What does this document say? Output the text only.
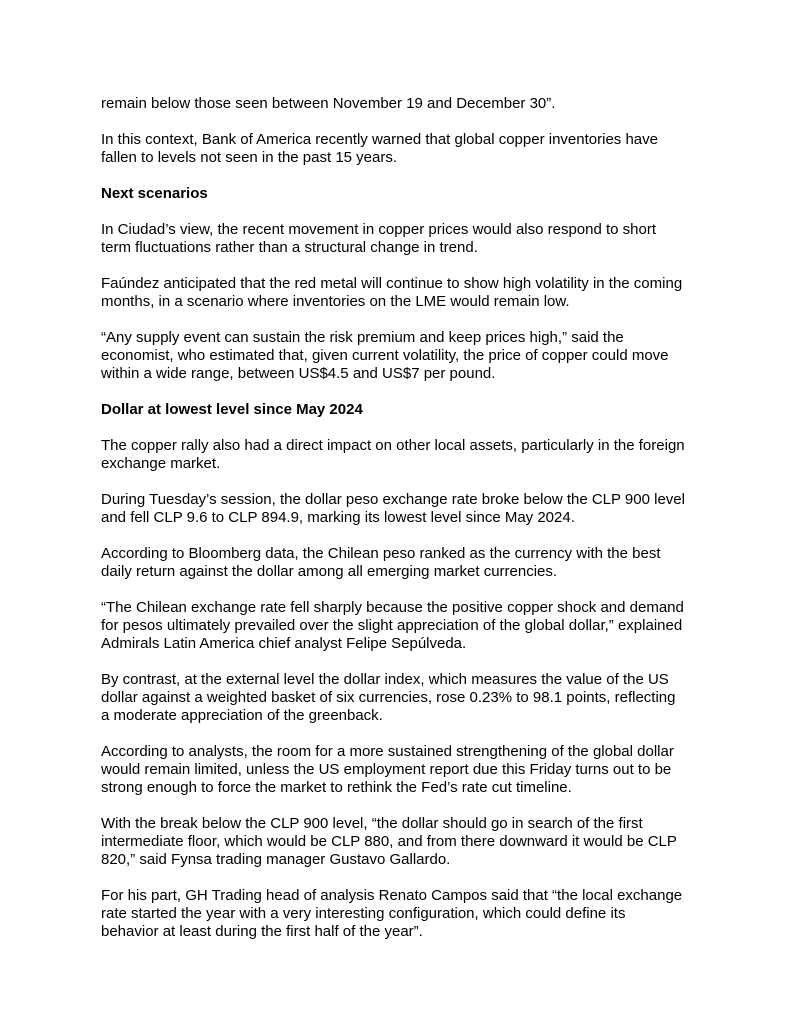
remain below those seen between November 19 and December 30”.

In this context, Bank of America recently warned that global copper inventories have
fallen to levels not seen in the past 15 years.

Next scenarios

In Ciudad’s view, the recent movement in copper prices would also respond to short
term fluctuations rather than a structural change in trend.

Faúndez anticipated that the red metal will continue to show high volatility in the coming
months, in a scenario where inventories on the LME would remain low.

“Any supply event can sustain the risk premium and keep prices high,” said the
economist, who estimated that, given current volatility, the price of copper could move
within a wide range, between US$4.5 and US$7 per pound.

Dollar at lowest level since May 2024

The copper rally also had a direct impact on other local assets, particularly in the foreign
exchange market.

During Tuesday’s session, the dollar peso exchange rate broke below the CLP 900 level
and fell CLP 9.6 to CLP 894.9, marking its lowest level since May 2024.

According to Bloomberg data, the Chilean peso ranked as the currency with the best
daily return against the dollar among all emerging market currencies.

“The Chilean exchange rate fell sharply because the positive copper shock and demand
for pesos ultimately prevailed over the slight appreciation of the global dollar,” explained
Admirals Latin America chief analyst Felipe Sepúlveda.

By contrast, at the external level the dollar index, which measures the value of the US
dollar against a weighted basket of six currencies, rose 0.23% to 98.1 points, reflecting
a moderate appreciation of the greenback.

According to analysts, the room for a more sustained strengthening of the global dollar
would remain limited, unless the US employment report due this Friday turns out to be
strong enough to force the market to rethink the Fed’s rate cut timeline.

With the break below the CLP 900 level, “the dollar should go in search of the first
intermediate floor, which would be CLP 880, and from there downward it would be CLP
820,” said Fynsa trading manager Gustavo Gallardo.

For his part, GH Trading head of analysis Renato Campos said that “the local exchange
rate started the year with a very interesting configuration, which could define its
behavior at least during the first half of the year”.
